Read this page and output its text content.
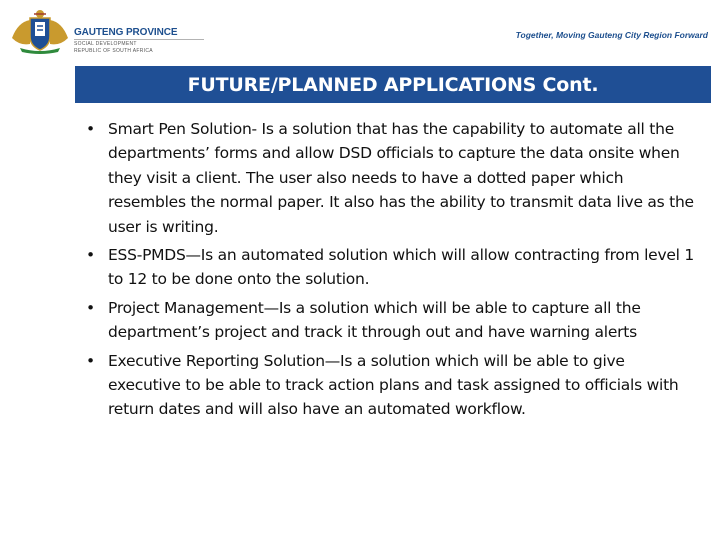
GAUTENG PROVINCE
SOCIAL DEVELOPMENT
REPUBLIC OF SOUTH AFRICA
Together, Moving Gauteng City Region Forward
FUTURE/PLANNED APPLICATIONS Cont.
• Smart Pen Solution- Is a solution that has the capability to automate all the departments’ forms and allow DSD officials to capture the data onsite when they visit a client. The user also needs to have a dotted paper which resembles the normal paper. It also has the ability to transmit data live as the user is writing.
• ESS-PMDS—Is an automated solution which will allow contracting from level 1 to 12 to be done onto the solution.
• Project Management—Is a solution which will be able to capture all the department’s project and track it through out and have warning alerts
• Executive Reporting Solution—Is a solution which will be able to give executive to be able to track action plans and task assigned to officials with return dates and will also have an automated workflow.
